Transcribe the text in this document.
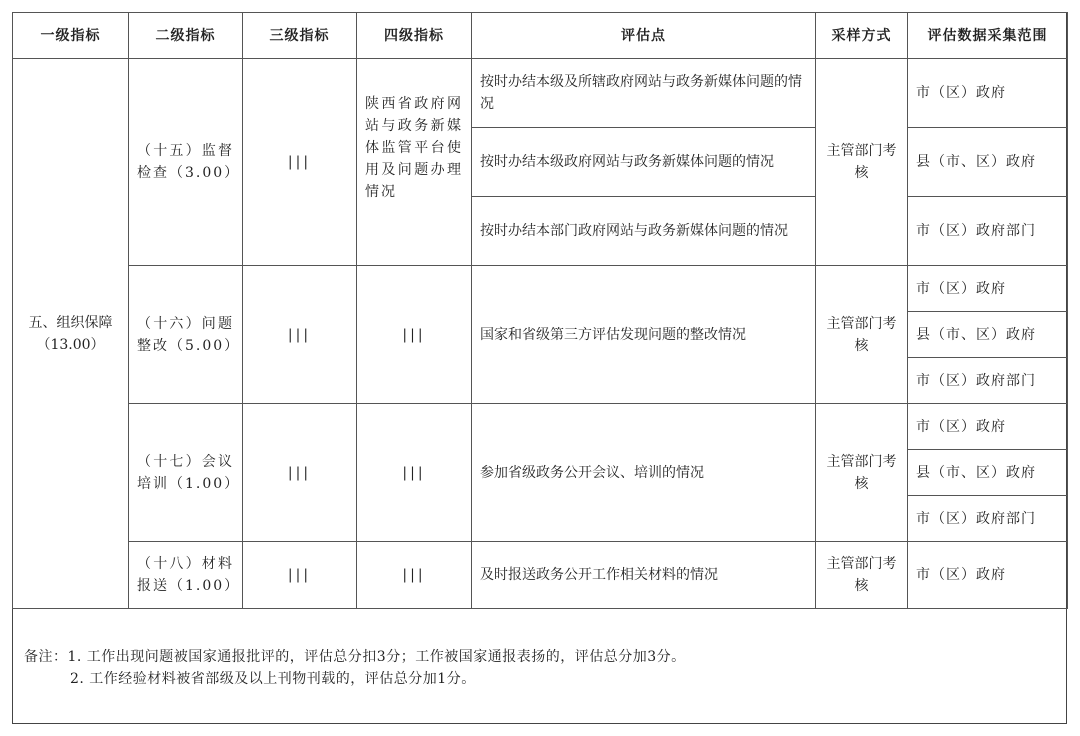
一级指标	二级指标	三级指标	四级指标	评估点	采样方式	评估数据采集范围
五、组织保障（13.00）	（十五）监督检查（3.00）	|||	陕西省政府网站与政务新媒体监管平台使用及问题办理情况	按时办结本级及所辖政府网站与政务新媒体问题的情况	主管部门考核	市（区）政府
				按时办结本级政府网站与政务新媒体问题的情况		县（市、区）政府
				按时办结本部门政府网站与政务新媒体问题的情况		市（区）政府部门
	（十六）问题整改（5.00）	|||	|||	国家和省级第三方评估发现问题的整改情况	主管部门考核	市（区）政府
						县（市、区）政府
						市（区）政府部门
	（十七）会议培训（1.00）	|||	|||	参加省级政务公开会议、培训的情况	主管部门考核	市（区）政府
						县（市、区）政府
						市（区）政府部门
	（十八）材料报送（1.00）	|||	|||	及时报送政务公开工作相关材料的情况	主管部门考核	市（区）政府
备注：1. 工作出现问题被国家通报批评的，评估总分扣3分；工作被国家通报表扬的，评估总分加3分。
2. 工作经验材料被省部级及以上刊物刊载的，评估总分加1分。
